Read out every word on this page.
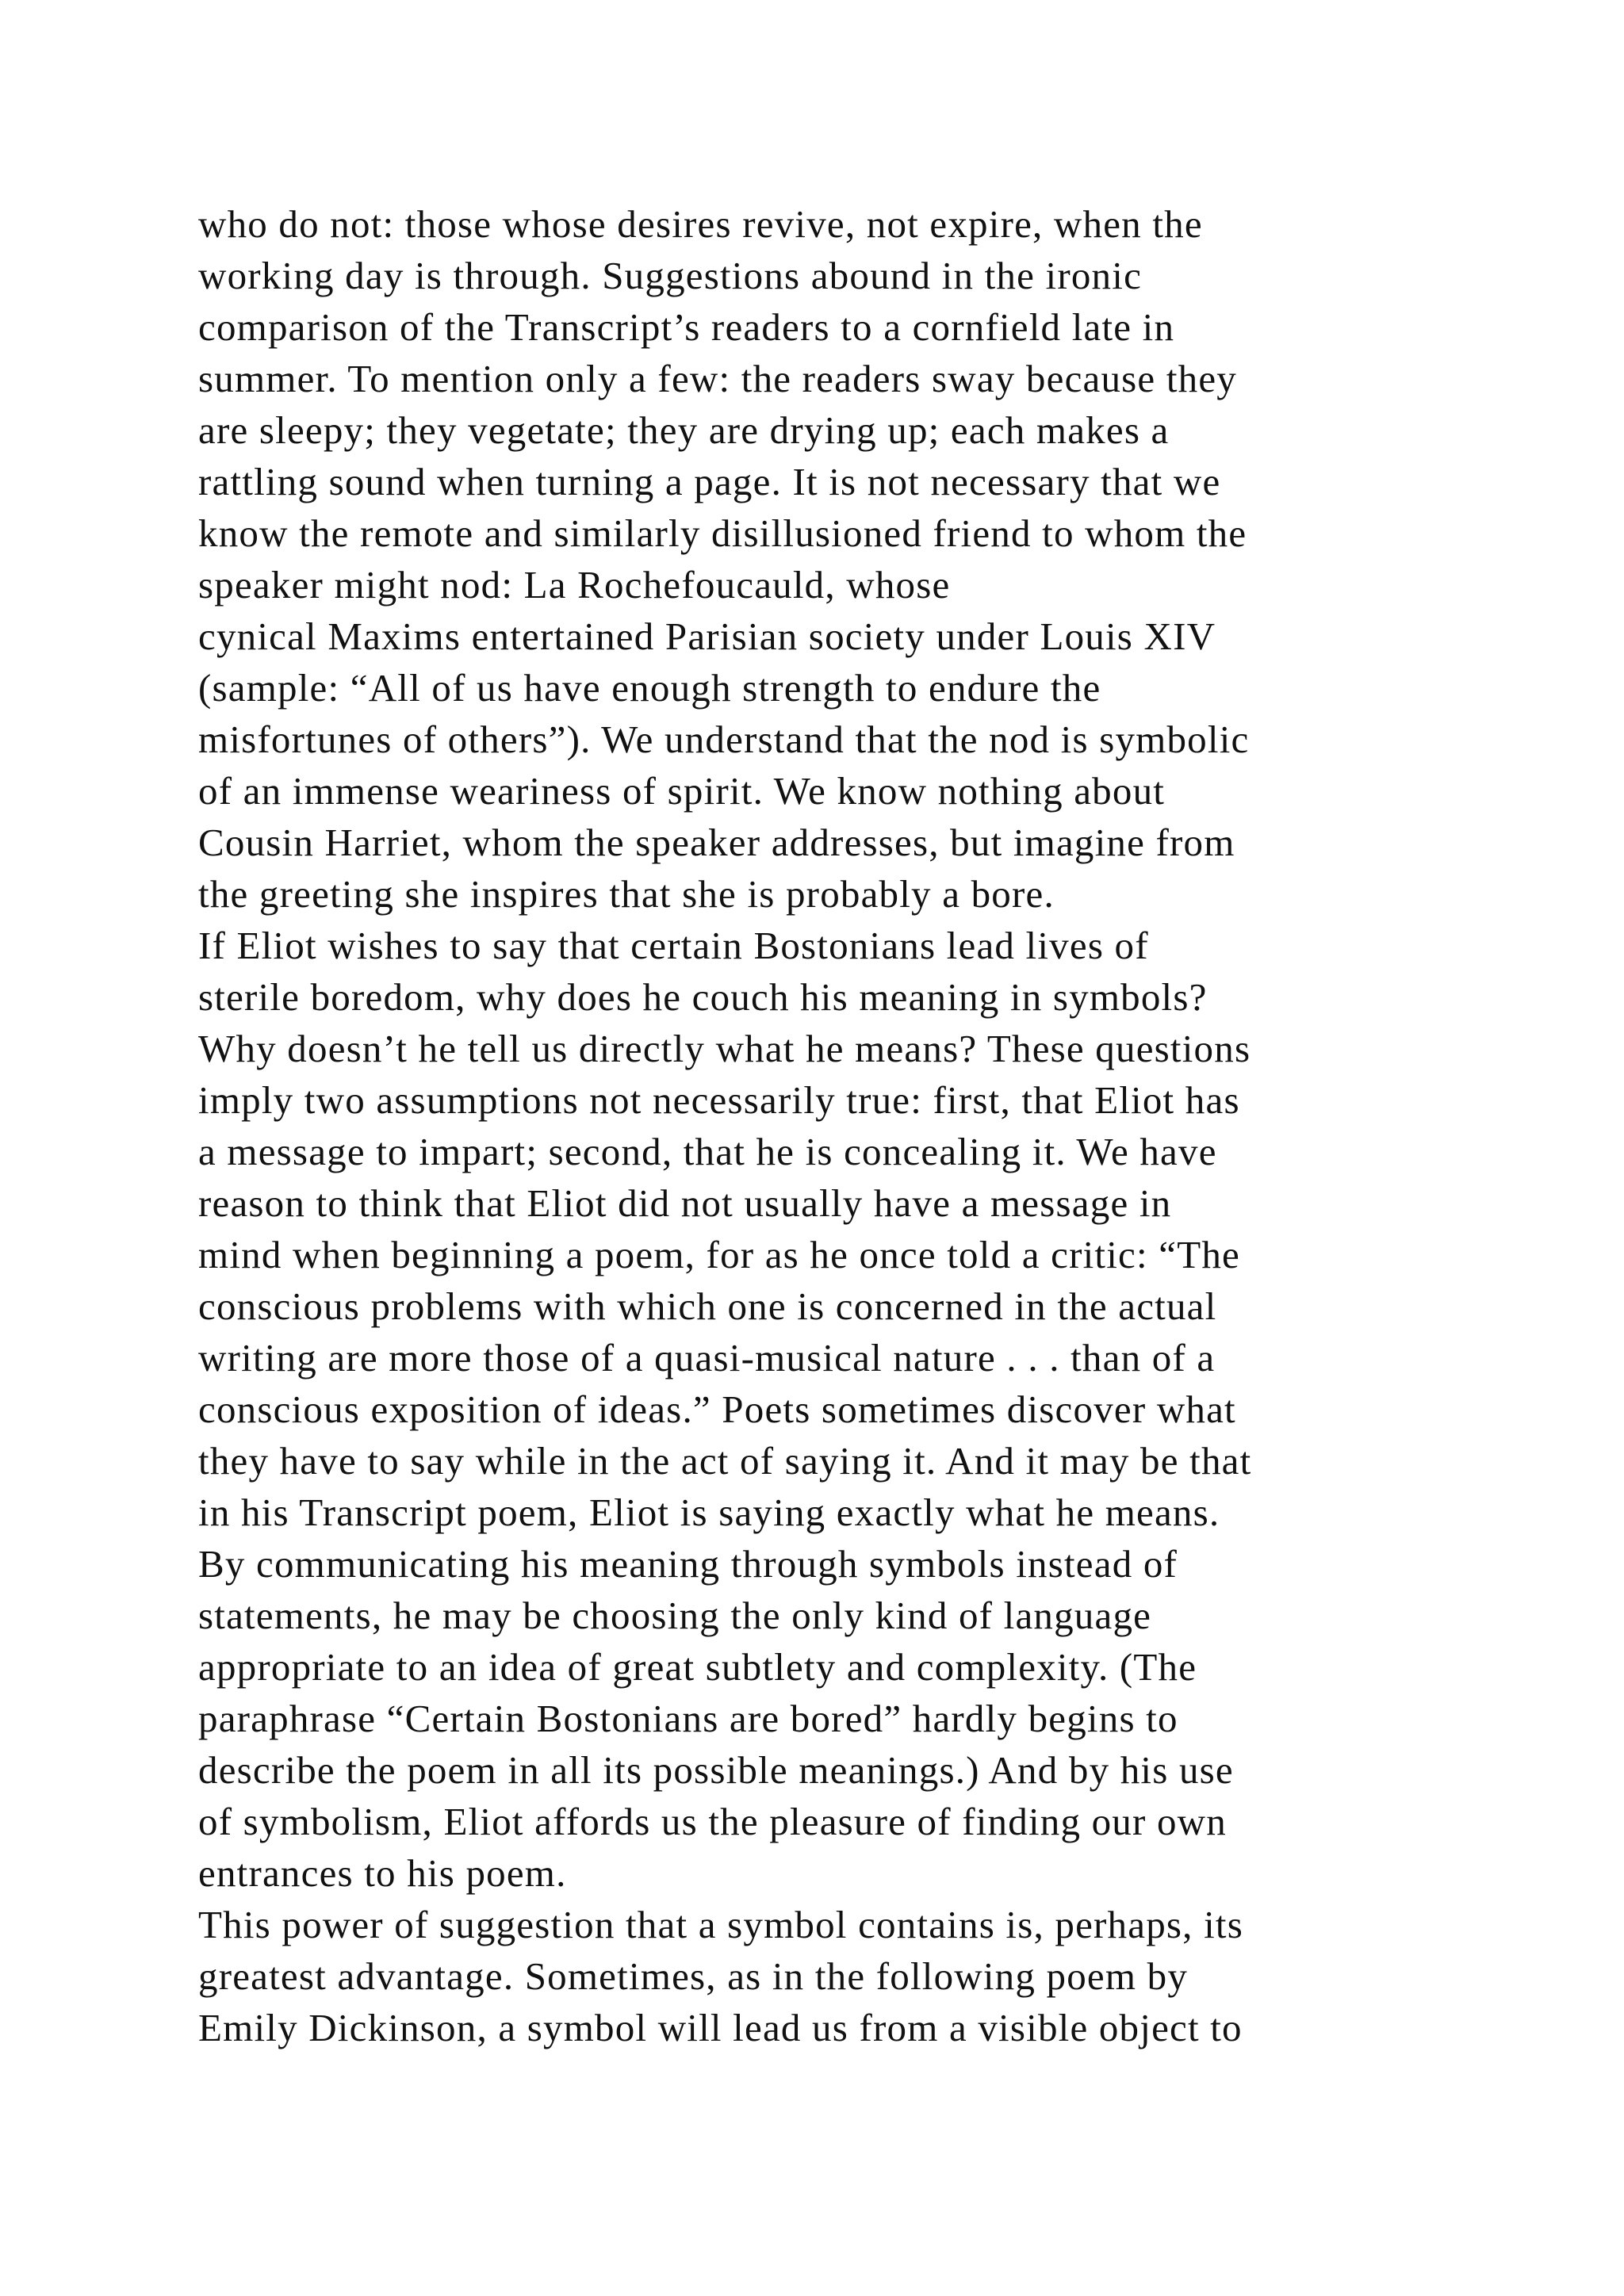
who do not: those whose desires revive, not expire, when the
working day is through. Suggestions abound in the ironic
comparison of the Transcript’s readers to a cornfield late in
summer. To mention only a few: the readers sway because they
are sleepy; they vegetate; they are drying up; each makes a
rattling sound when turning a page. It is not necessary that we
know the remote and similarly disillusioned friend to whom the
speaker might nod: La Rochefoucauld, whose
cynical Maxims entertained Parisian society under Louis XIV
(sample: “All of us have enough strength to endure the
misfortunes of others”). We understand that the nod is symbolic
of an immense weariness of spirit. We know nothing about
Cousin Harriet, whom the speaker addresses, but imagine from
the greeting she inspires that she is probably a bore.
If Eliot wishes to say that certain Bostonians lead lives of
sterile boredom, why does he couch his meaning in symbols?
Why doesn’t he tell us directly what he means? These questions
imply two assumptions not necessarily true: first, that Eliot has
a message to impart; second, that he is concealing it. We have
reason to think that Eliot did not usually have a message in
mind when beginning a poem, for as he once told a critic: “The
conscious problems with which one is concerned in the actual
writing are more those of a quasi-musical nature . . . than of a
conscious exposition of ideas.” Poets sometimes discover what
they have to say while in the act of saying it. And it may be that
in his Transcript poem, Eliot is saying exactly what he means.
By communicating his meaning through symbols instead of
statements, he may be choosing the only kind of language
appropriate to an idea of great subtlety and complexity. (The
paraphrase “Certain Bostonians are bored” hardly begins to
describe the poem in all its possible meanings.) And by his use
of symbolism, Eliot affords us the pleasure of finding our own
entrances to his poem.
This power of suggestion that a symbol contains is, perhaps, its
greatest advantage. Sometimes, as in the following poem by
Emily Dickinson, a symbol will lead us from a visible object to
